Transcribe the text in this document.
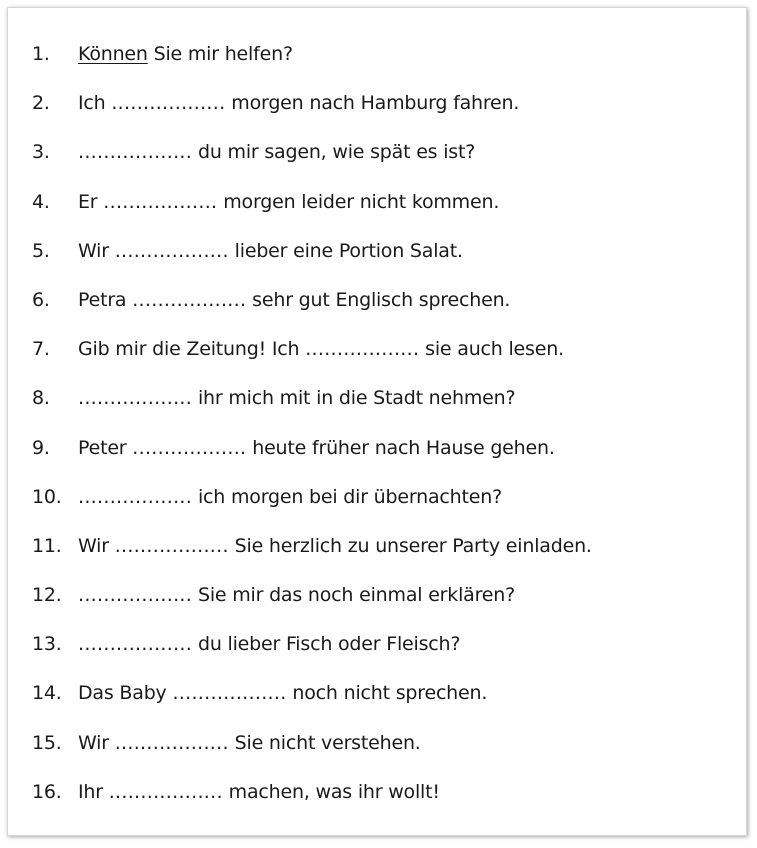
1. Können Sie mir helfen?
2. Ich .................. morgen nach Hamburg fahren.
3. .................. du mir sagen, wie spät es ist?
4. Er .................. morgen leider nicht kommen.
5. Wir .................. lieber eine Portion Salat.
6. Petra .................. sehr gut Englisch sprechen.
7. Gib mir die Zeitung! Ich .................. sie auch lesen.
8. .................. ihr mich mit in die Stadt nehmen?
9. Peter .................. heute früher nach Hause gehen.
10. .................. ich morgen bei dir übernachten?
11. Wir .................. Sie herzlich zu unserer Party einladen.
12. .................. Sie mir das noch einmal erklären?
13. .................. du lieber Fisch oder Fleisch?
14. Das Baby .................. noch nicht sprechen.
15. Wir .................. Sie nicht verstehen.
16. Ihr .................. machen, was ihr wollt!
